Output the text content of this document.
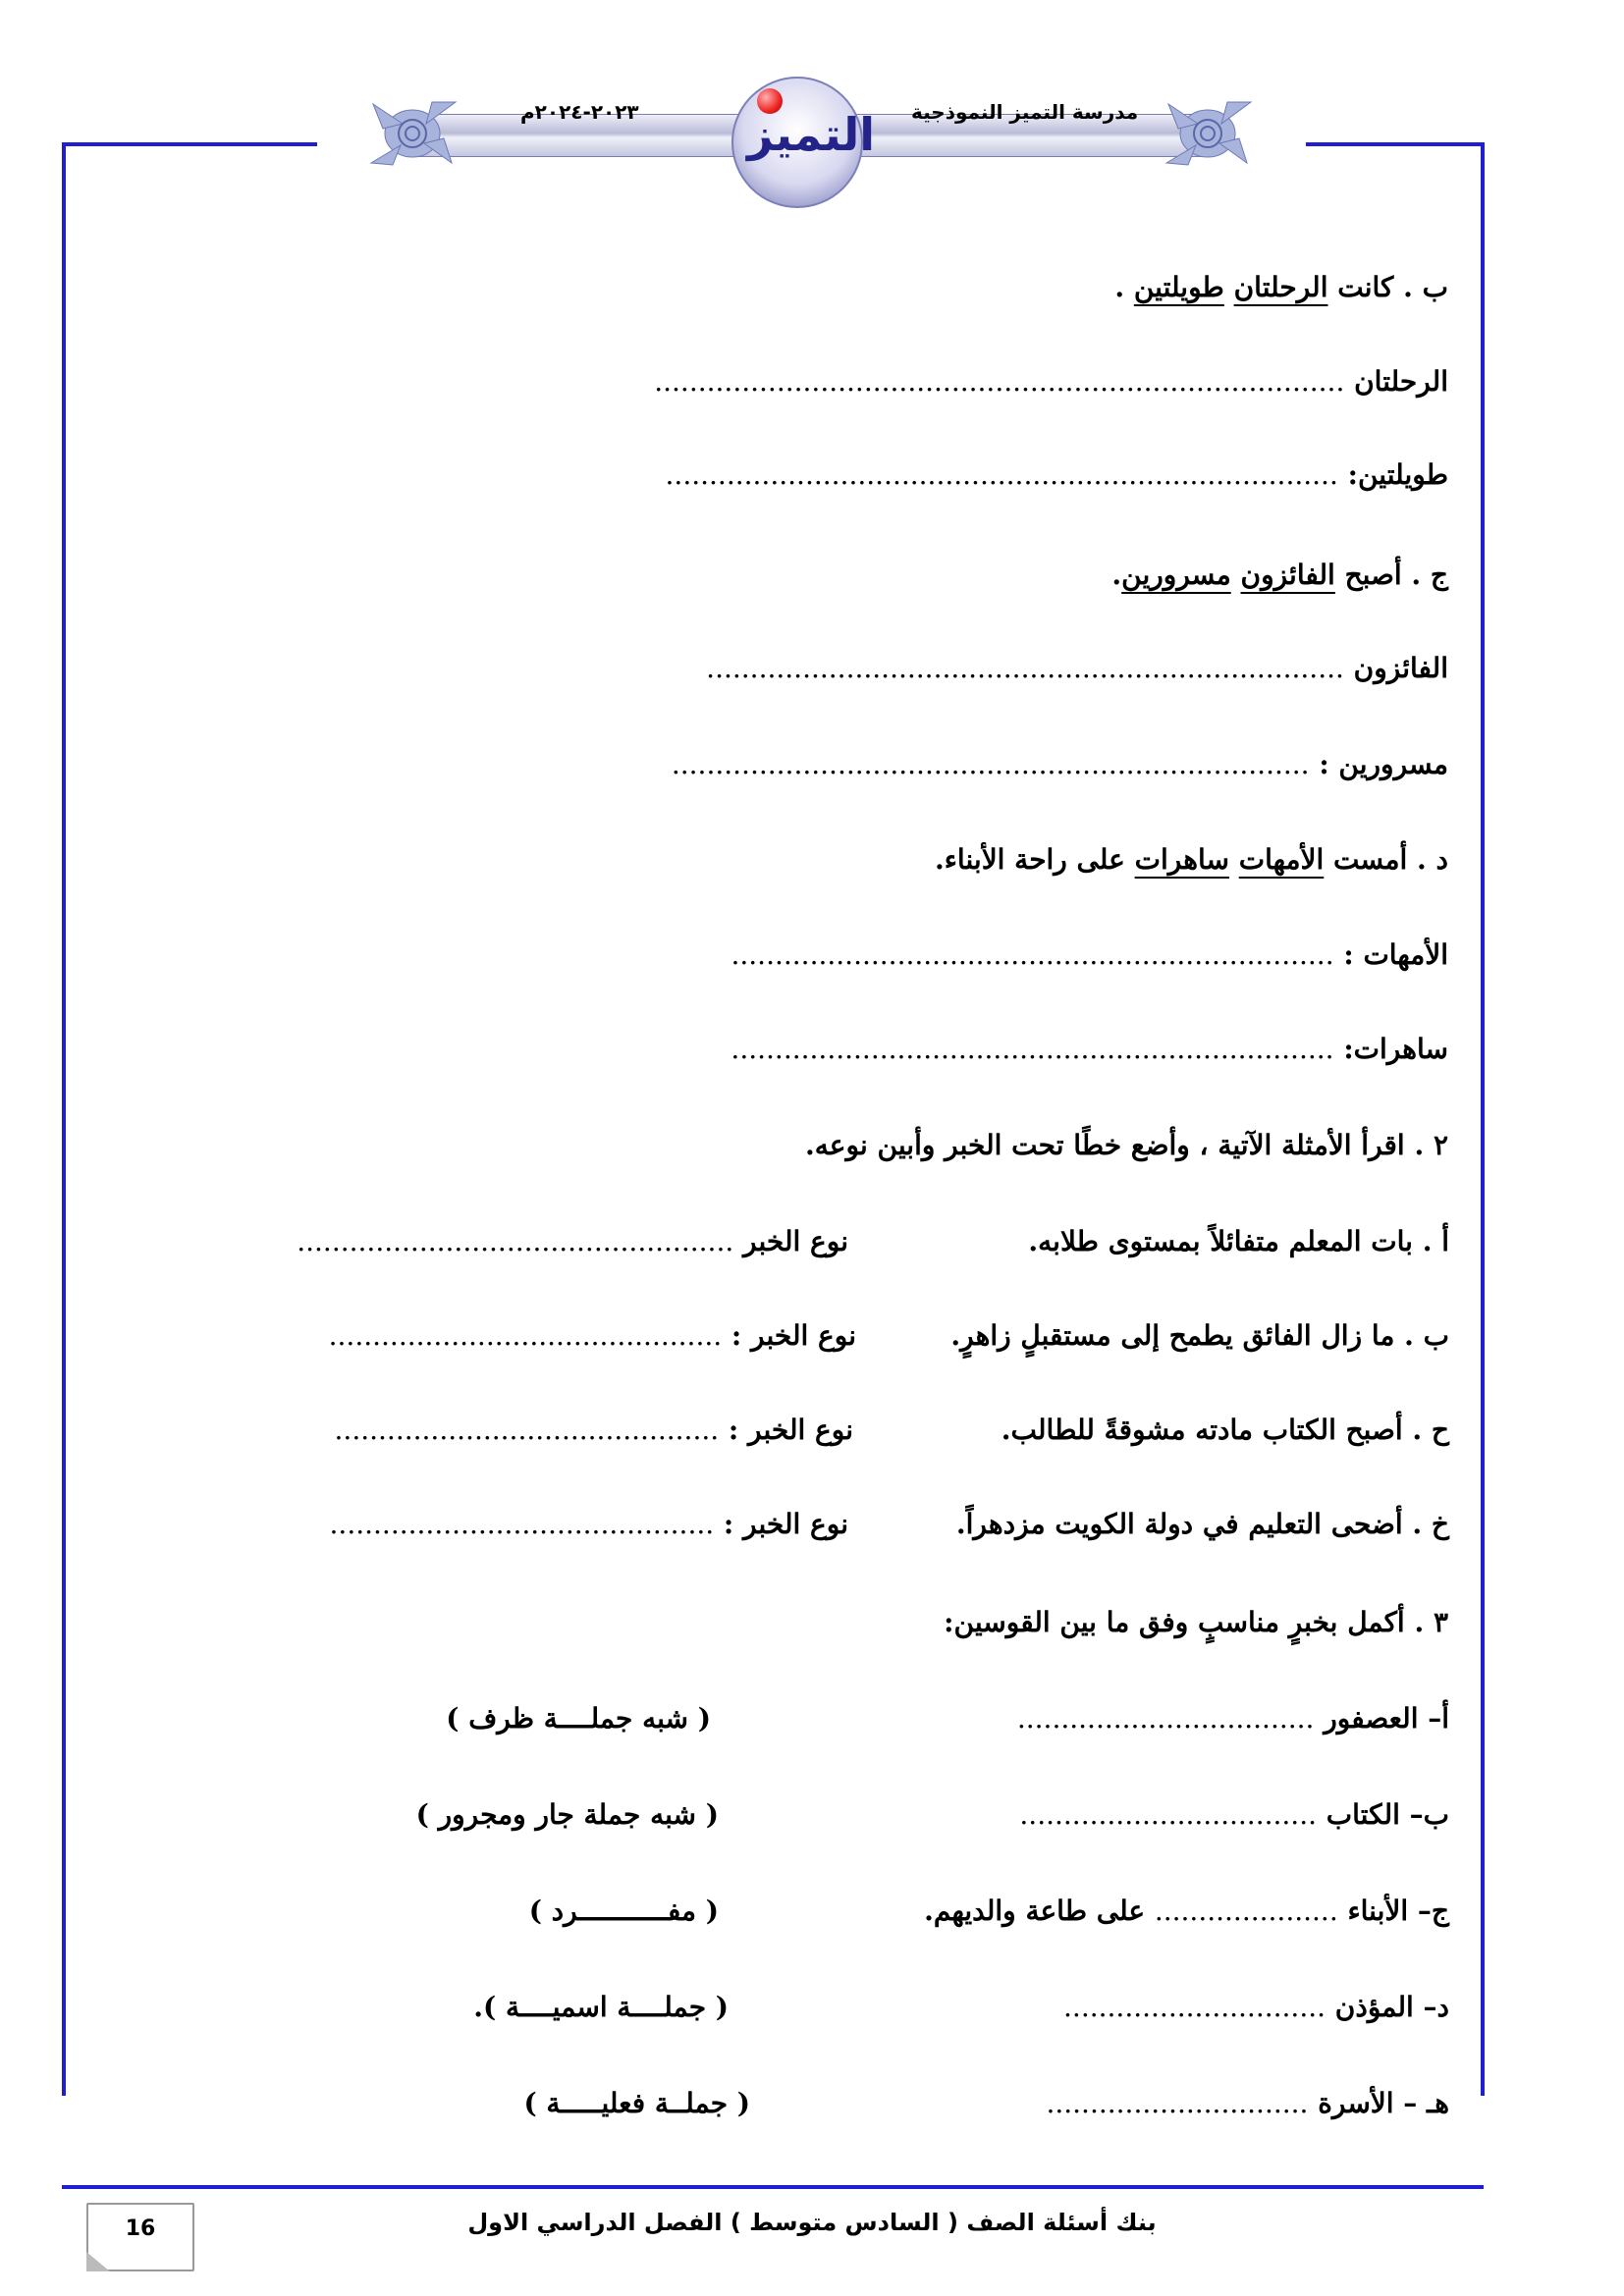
٢٠٢٣-٢٠٢٤م	مدرسة التميز النموذجية
التميز
ب . كانت الرحلتان طويلتين .
الرحلتان ...............................................................................
طويلتين: .............................................................................
ج . أصبح الفائزون مسرورين.
الفائزون .........................................................................
مسرورين : .........................................................................
د . أمست الأمهات ساهرات على راحة الأبناء.
الأمهات : .....................................................................
ساهرات: .....................................................................
٢ . اقرأ الأمثلة الآتية ، وأضع خطًا تحت الخبر وأبين نوعه.
أ . بات المعلم متفائلاً بمستوى طلابه.
نوع الخبر ..................................................
ب . ما زال الفائق يطمح إلى مستقبلٍ زاهرٍ.
نوع الخبر : .............................................
ح . أصبح الكتاب مادته مشوقةً للطالب.
نوع الخبر : ............................................
خ . أضحى التعليم في دولة الكويت مزدهراً.
نوع الخبر : ............................................
٣ . أكمل بخبرٍ مناسبٍ وفق ما بين القوسين:
أ– العصفور ..................................
( شبه جملــــة ظرف )
ب– الكتاب ..................................
( شبه جملة جار ومجرور )
ج– الأبناء ..................... على طاعة والديهم.
( مفـــــــــــرد )
د– المؤذن ..............................
( جملــــة اسميــــة ).
هـ – الأسرة ..............................
( جملــة فعليـــــة )
بنك أسئلة الصف ( السادس متوسط ) الفصل الدراسي الاول
16
